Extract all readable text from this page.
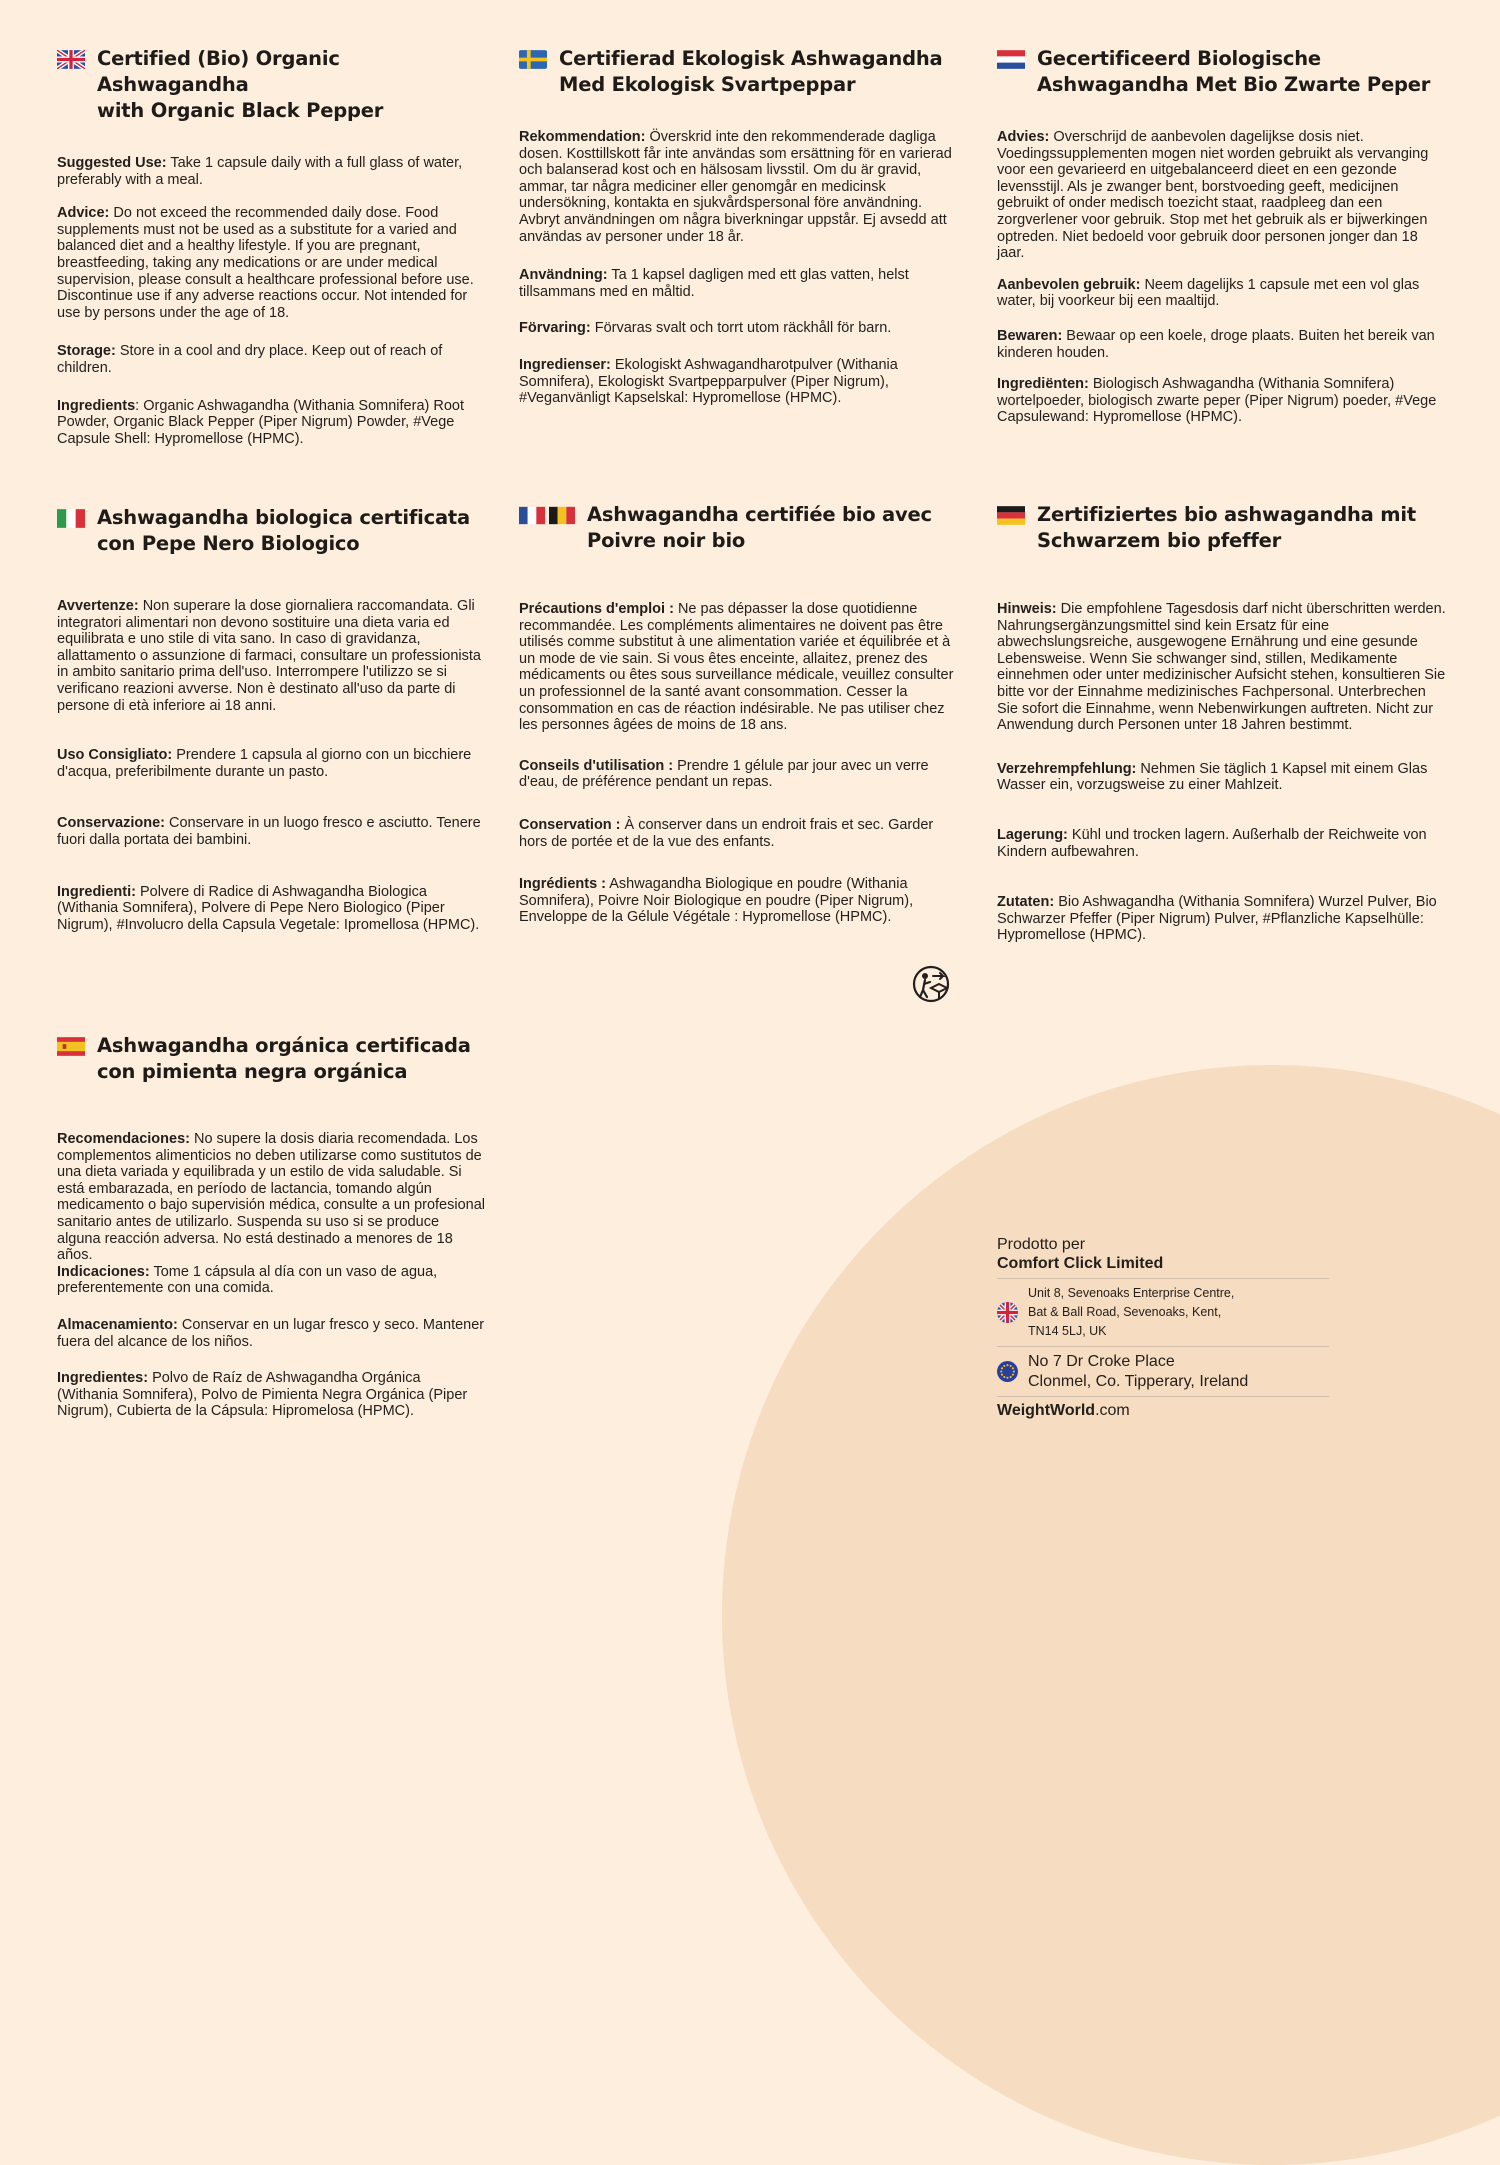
Certified (Bio) Organic Ashwagandha
with Organic Black Pepper

Suggested Use: Take 1 capsule daily with a full glass of water, preferably with a meal.

Advice: Do not exceed the recommended daily dose. Food supplements must not be used as a substitute for a varied and balanced diet and a healthy lifestyle. If you are pregnant, breastfeeding, taking any medications or are under medical supervision, please consult a healthcare professional before use. Discontinue use if any adverse reactions occur. Not intended for use by persons under the age of 18.

Storage: Store in a cool and dry place. Keep out of reach of children.

Ingredients: Organic Ashwagandha (Withania Somnifera) Root Powder, Organic Black Pepper (Piper Nigrum) Powder, #Vege Capsule Shell: Hypromellose (HPMC).

Certifierad Ekologisk Ashwagandha
Med Ekologisk Svartpeppar

Rekommendation: Överskrid inte den rekommenderade dagliga dosen. Kosttillskott får inte användas som ersättning för en varierad och balanserad kost och en hälsosam livsstil. Om du är gravid, ammar, tar några mediciner eller genomgår en medicinsk undersökning, kontakta en sjukvårdspersonal före användning. Avbryt användningen om några biverkningar uppstår. Ej avsedd att användas av personer under 18 år.

Användning: Ta 1 kapsel dagligen med ett glas vatten, helst tillsammans med en måltid.

Förvaring: Förvaras svalt och torrt utom räckhåll för barn.

Ingredienser: Ekologiskt Ashwagandharotpulver (Withania Somnifera), Ekologiskt Svartpepparpulver (Piper Nigrum), #Veganvänligt Kapselskal: Hypromellose (HPMC).

Gecertificeerd Biologische
Ashwagandha Met Bio Zwarte Peper

Advies: Overschrijd de aanbevolen dagelijkse dosis niet. Voedingssupplementen mogen niet worden gebruikt als vervanging voor een gevarieerd en uitgebalanceerd dieet en een gezonde levensstijl. Als je zwanger bent, borstvoeding geeft, medicijnen gebruikt of onder medisch toezicht staat, raadpleeg dan een zorgverlener voor gebruik. Stop met het gebruik als er bijwerkingen optreden. Niet bedoeld voor gebruik door personen jonger dan 18 jaar.

Aanbevolen gebruik: Neem dagelijks 1 capsule met een vol glas water, bij voorkeur bij een maaltijd.

Bewaren: Bewaar op een koele, droge plaats. Buiten het bereik van kinderen houden.

Ingrediënten: Biologisch Ashwagandha (Withania Somnifera) wortelpoeder, biologisch zwarte peper (Piper Nigrum) poeder, #Vege Capsulewand: Hypromellose (HPMC).

Ashwagandha biologica certificata
con Pepe Nero Biologico

Avvertenze: Non superare la dose giornaliera raccomandata. Gli integratori alimentari non devono sostituire una dieta varia ed equilibrata e uno stile di vita sano. In caso di gravidanza, allattamento o assunzione di farmaci, consultare un professionista in ambito sanitario prima dell'uso. Interrompere l'utilizzo se si verificano reazioni avverse. Non è destinato all'uso da parte di persone di età inferiore ai 18 anni.

Uso Consigliato: Prendere 1 capsula al giorno con un bicchiere d'acqua, preferibilmente durante un pasto.

Conservazione: Conservare in un luogo fresco e asciutto. Tenere fuori dalla portata dei bambini.

Ingredienti: Polvere di Radice di Ashwagandha Biologica (Withania Somnifera), Polvere di Pepe Nero Biologico (Piper Nigrum), #Involucro della Capsula Vegetale: Ipromellosa (HPMC).

Ashwagandha certifiée bio avec
Poivre noir bio

Précautions d'emploi : Ne pas dépasser la dose quotidienne recommandée. Les compléments alimentaires ne doivent pas être utilisés comme substitut à une alimentation variée et équilibrée et à un mode de vie sain. Si vous êtes enceinte, allaitez, prenez des médicaments ou êtes sous surveillance médicale, veuillez consulter un professionnel de la santé avant consommation. Cesser la consommation en cas de réaction indésirable. Ne pas utiliser chez les personnes âgées de moins de 18 ans.

Conseils d'utilisation : Prendre 1 gélule par jour avec un verre d'eau, de préférence pendant un repas.

Conservation : À conserver dans un endroit frais et sec. Garder hors de portée et de la vue des enfants.

Ingrédients : Ashwagandha Biologique en poudre (Withania Somnifera), Poivre Noir Biologique en poudre (Piper Nigrum), Enveloppe de la Gélule Végétale : Hypromellose (HPMC).

Zertifiziertes bio ashwagandha mit
Schwarzem bio pfeffer

Hinweis: Die empfohlene Tagesdosis darf nicht überschritten werden. Nahrungsergänzungsmittel sind kein Ersatz für eine abwechslungsreiche, ausgewogene Ernährung und eine gesunde Lebensweise. Wenn Sie schwanger sind, stillen, Medikamente einnehmen oder unter medizinischer Aufsicht stehen, konsultieren Sie bitte vor der Einnahme medizinisches Fachpersonal. Unterbrechen Sie sofort die Einnahme, wenn Nebenwirkungen auftreten. Nicht zur Anwendung durch Personen unter 18 Jahren bestimmt.

Verzehrempfehlung: Nehmen Sie täglich 1 Kapsel mit einem Glas Wasser ein, vorzugsweise zu einer Mahlzeit.

Lagerung: Kühl und trocken lagern. Außerhalb der Reichweite von Kindern aufbewahren.

Zutaten: Bio Ashwagandha (Withania Somnifera) Wurzel Pulver, Bio Schwarzer Pfeffer (Piper Nigrum) Pulver, #Pflanzliche Kapselhülle: Hypromellose (HPMC).

Ashwagandha orgánica certificada
con pimienta negra orgánica

Recomendaciones: No supere la dosis diaria recomendada. Los complementos alimenticios no deben utilizarse como sustitutos de una dieta variada y equilibrada y un estilo de vida saludable. Si está embarazada, en período de lactancia, tomando algún medicamento o bajo supervisión médica, consulte a un profesional sanitario antes de utilizarlo. Suspenda su uso si se produce alguna reacción adversa. No está destinado a menores de 18 años.

Indicaciones: Tome 1 cápsula al día con un vaso de agua, preferentemente con una comida.

Almacenamiento: Conservar en un lugar fresco y seco. Mantener fuera del alcance de los niños.

Ingredientes: Polvo de Raíz de Ashwagandha Orgánica (Withania Somnifera), Polvo de Pimienta Negra Orgánica (Piper Nigrum), Cubierta de la Cápsula: Hipromelosa (HPMC).

Prodotto per
Comfort Click Limited
Unit 8, Sevenoaks Enterprise Centre,
Bat & Ball Road, Sevenoaks, Kent,
TN14 5LJ, UK
No 7 Dr Croke Place
Clonmel, Co. Tipperary, Ireland
WeightWorld.com
